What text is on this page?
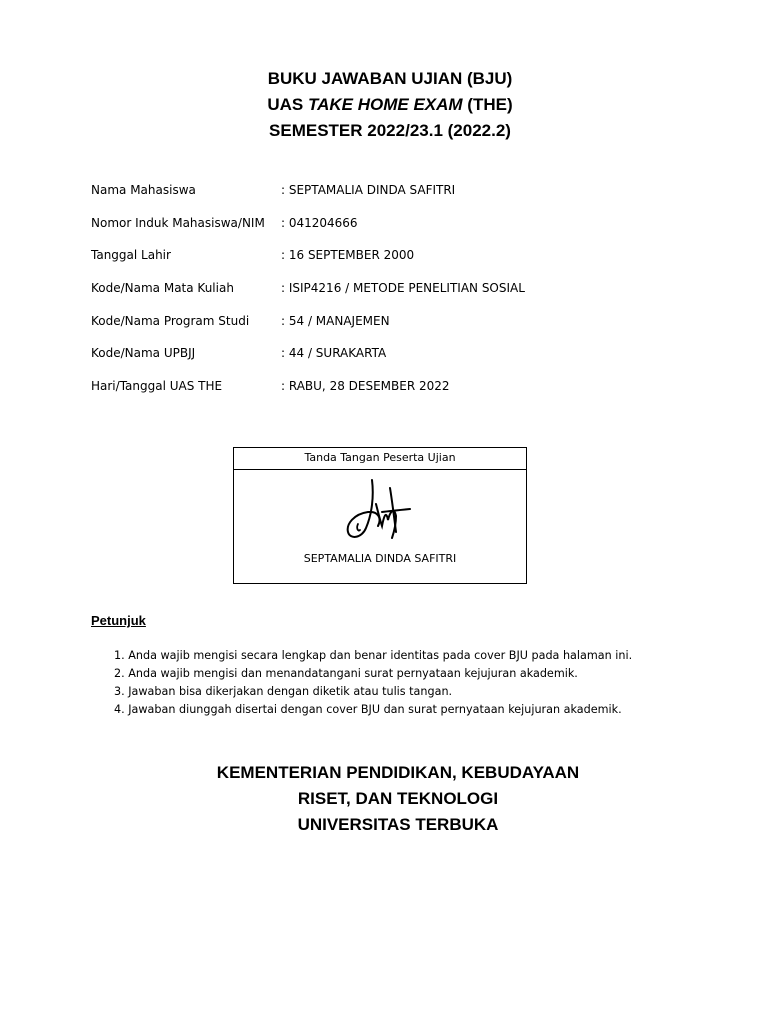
BUKU JAWABAN UJIAN (BJU)
UAS TAKE HOME EXAM (THE)
SEMESTER 2022/23.1 (2022.2)
Nama Mahasiswa	: SEPTAMALIA DINDA SAFITRI
Nomor Induk Mahasiswa/NIM : 041204666
Tanggal Lahir	: 16 SEPTEMBER 2000
Kode/Nama Mata Kuliah	: ISIP4216 / METODE PENELITIAN SOSIAL
Kode/Nama Program Studi	: 54 / MANAJEMEN
Kode/Nama UPBJJ	: 44 / SURAKARTA
Hari/Tanggal UAS THE	: RABU, 28 DESEMBER 2022
Tanda Tangan Peserta Ujian
SEPTAMALIA DINDA SAFITRI
Petunjuk
1. Anda wajib mengisi secara lengkap dan benar identitas pada cover BJU pada halaman ini.
2. Anda wajib mengisi dan menandatangani surat pernyataan kejujuran akademik.
3. Jawaban bisa dikerjakan dengan diketik atau tulis tangan.
4. Jawaban diunggah disertai dengan cover BJU dan surat pernyataan kejujuran akademik.
KEMENTERIAN PENDIDIKAN, KEBUDAYAAN
RISET, DAN TEKNOLOGI
UNIVERSITAS TERBUKA
